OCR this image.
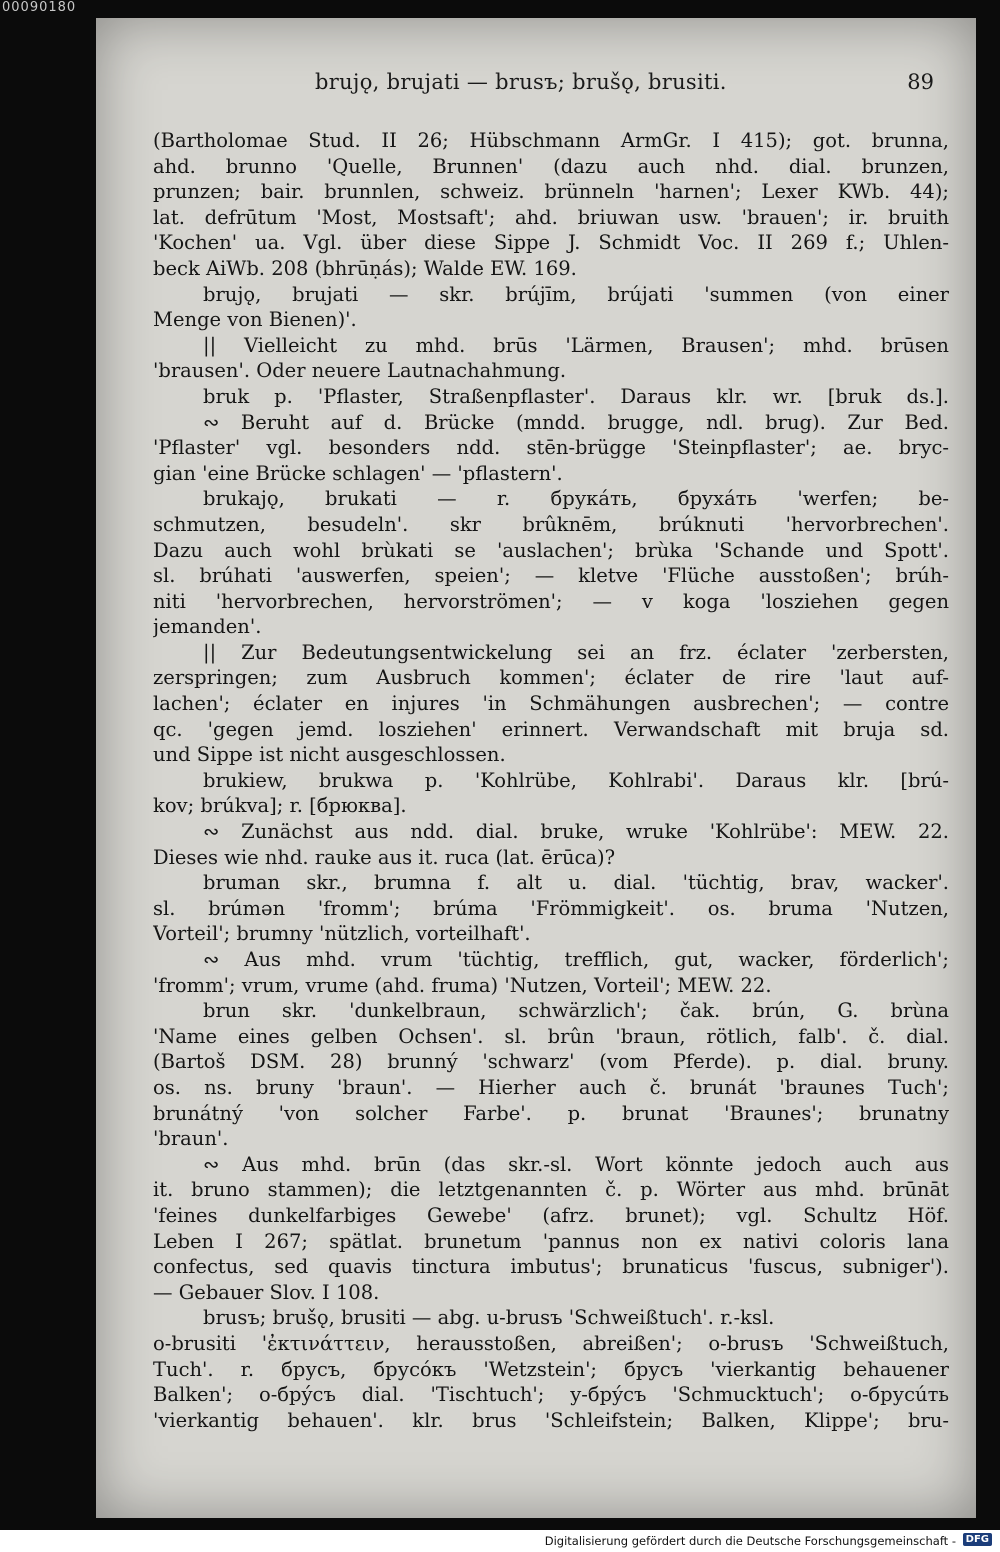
00090180
brujǫ, brujati — brusъ; brušǫ, brusiti.	89
(Bartholomae Stud. II 26; Hübschmann ArmGr. I 415); got. brunna,
ahd. brunno 'Quelle, Brunnen' (dazu auch nhd. dial. brunzen,
prunzen; bair. brunnlen, schweiz. brünneln 'harnen'; Lexer KWb. 44);
lat. defrūtum 'Most, Mostsaft'; ahd. briuwan usw. 'brauen'; ir. bruith
'Kochen' ua. Vgl. über diese Sippe J. Schmidt Voc. II 269 f.; Uhlen-
beck AiWb. 208 (bhrūṇás); Walde EW. 169.
brujǫ, brujati — skr. brújīm, brújati 'summen (von einer
Menge von Bienen)'.
|| Vielleicht zu mhd. brūs 'Lärmen, Brausen'; mhd. brūsen
'brausen'. Oder neuere Lautnachahmung.
bruk p. 'Pflaster, Straßenpflaster'. Daraus klr. wr. [bruk ds.].
∾ Beruht auf d. Brücke (mndd. brugge, ndl. brug). Zur Bed.
'Pflaster' vgl. besonders ndd. stēn-brügge 'Steinpflaster'; ae. bryc-
gian 'eine Brücke schlagen' — 'pflastern'.
brukajǫ, brukati — r. брукáть, бpyxáть 'werfen; be-
schmutzen, besudeln'. skr brûknēm, brúknuti 'hervorbrechen'.
Dazu auch wohl brùkati se 'auslachen'; brùka 'Schande und Spott'.
sl. brúhati 'auswerfen, speien'; — kletve 'Flüche ausstoßen'; brúh-
niti 'hervorbrechen, hervorströmen'; — v koga 'losziehen gegen
jemanden'.
|| Zur Bedeutungsentwickelung sei an frz. éclater 'zerbersten,
zerspringen; zum Ausbruch kommen'; éclater de rire 'laut auf-
lachen'; éclater en injures 'in Schmähungen ausbrechen'; — contre
qc. 'gegen jemd. losziehen' erinnert. Verwandschaft mit bruja sd.
und Sippe ist nicht ausgeschlossen.
brukiew, brukwa p. 'Kohlrübe, Kohlrabi'. Daraus klr. [brú-
kov; brúkva]; r. [брюква].
∾ Zunächst aus ndd. dial. bruke, wruke 'Kohlrübe': MEW. 22.
Dieses wie nhd. rauke aus it. ruca (lat. ērūca)?
bruman skr., brumna f. alt u. dial. 'tüchtig, brav, wacker'.
sl. brúmən 'fromm'; brúma 'Frömmigkeit'. os. bruma 'Nutzen,
Vorteil'; brumny 'nützlich, vorteilhaft'.
∾ Aus mhd. vrum 'tüchtig, trefflich, gut, wacker, förderlich';
'fromm'; vrum, vrume (ahd. fruma) 'Nutzen, Vorteil'; MEW. 22.
brun skr. 'dunkelbraun, schwärzlich'; čak. brún, G. brùna
'Name eines gelben Ochsen'. sl. brûn 'braun, rötlich, falb'. č. dial.
(Bartoš DSM. 28) brunný 'schwarz' (vom Pferde). p. dial. bruny.
os. ns. bruny 'braun'. — Hierher auch č. brunát 'braunes Tuch';
brunátný 'von solcher Farbe'. p. brunat 'Braunes'; brunatny
'braun'.
∾ Aus mhd. brūn (das skr.-sl. Wort könnte jedoch auch aus
it. bruno stammen); die letztgenannten č. p. Wörter aus mhd. brūnāt
'feines dunkelfarbiges Gewebe' (afrz. brunet); vgl. Schultz Höf.
Leben I 267; spätlat. brunetum 'pannus non ex nativi coloris lana
confectus, sed quavis tinctura imbutus'; brunaticus 'fuscus, subniger').
— Gebauer Slov. I 108.
brusъ; brušǫ, brusiti — abg. u-brusъ 'Schweißtuch'. r.-ksl.
o-brusiti 'ἐκτινάττειν, herausstoßen, abreißen'; o-brusъ 'Schweißtuch,
Tuch'. r. брусъ, брусóкъ 'Wetzstein'; брусъ 'vierkantig behauener
Balken'; o-брýсъ dial. 'Tischtuch'; y-брýсъ 'Schmucktuch'; o-брусúть
'vierkantig behauen'. klr. brus 'Schleifstein; Balken, Klippe'; bru-
Digitalisierung gefördert durch die Deutsche Forschungsgemeinschaft - DFG
